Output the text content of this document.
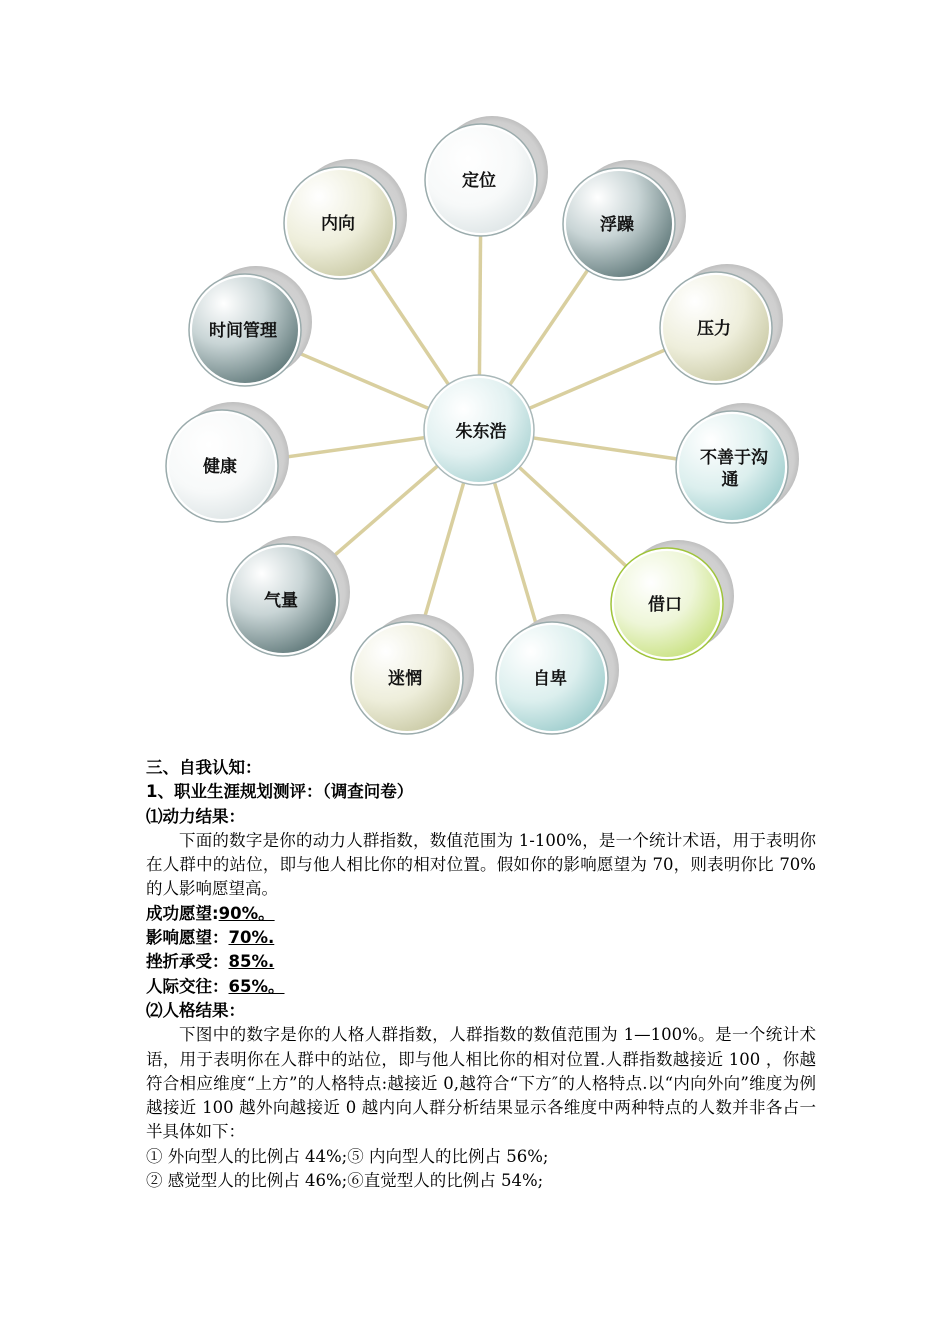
定位
浮躁
压力
不善于沟通
借口
自卑
迷惘
气量
健康
时间管理
内向
朱东浩
三、自我认知：
1、职业生涯规划测评：（调查问卷）
⑴动力结果：
下面的数字是你的动力人群指数，数值范围为 1-100%，是一个统计术语，用于表明你在人群中的站位，即与他人相比你的相对位置。假如你的影响愿望为 70，则表明你比 70%的人影响愿望高。
成功愿望:90%。
影响愿望：70%.
挫折承受：85%.
人际交往：65%。
⑵人格结果：
下图中的数字是你的人格人群指数，人群指数的数值范围为 1—100%。是一个统计术语，用于表明你在人群中的站位，即与他人相比你的相对位置.人群指数越接近 100 ，你越符合相应维度“上方”的人格特点:越接近 0,越符合“下方″的人格特点.以“内向外向”维度为例越接近 100 越外向越接近 0 越内向人群分析结果显示各维度中两种特点的人数并非各占一半具体如下：
① 外向型人的比例占 44%;⑤ 内向型人的比例占 56%;
② 感觉型人的比例占 46%;⑥直觉型人的比例占 54%;
